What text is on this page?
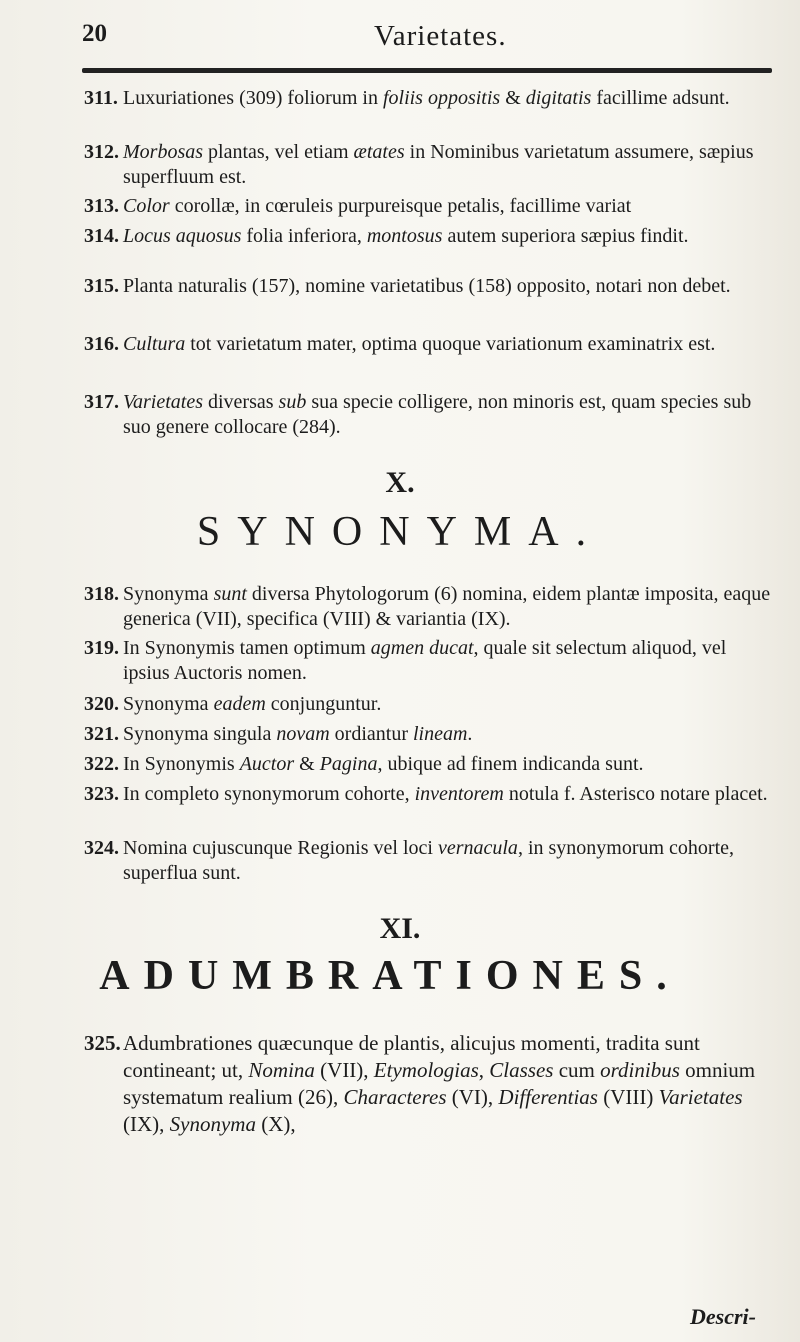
20	Varietates.
311. Luxuriationes (309) foliorum in foliis oppositis & digitatis facillime adsunt.
312. Morbosas plantas, vel etiam ætates in Nominibus varietatum assumere, sæpius superfluum est.
313. Color corollæ, in cœruleis purpureisque petalis, facillime variat
314. Locus aquosus folia inferiora, montosus autem superiora sæpius findit.
315. Planta naturalis (157), nomine varietatibus (158) opposito, notari non debet.
316. Cultura tot varietatum mater, optima quoque variationum examinatrix est.
317. Varietates diversas sub sua specie colligere, non minoris est, quam species sub suo genere collocare (284).
X.
SYNONYMA.
318. Synonyma sunt diversa Phytologorum (6) nomina, eidem plantæ imposita, eaque generica (VII), specifica (VIII) & variantia (IX).
319. In Synonymis tamen optimum agmen ducat, quale sit selectum aliquod, vel ipsius Auctoris nomen.
320. Synonyma eadem conjunguntur.
321. Synonyma singula novam ordiantur lineam.
322. In Synonymis Auctor & Pagina, ubique ad finem indicanda sunt.
323. In completo synonymorum cohorte, inventorem notula f. Asterisco notare placet.
324. Nomina cujuscunque Regionis vel loci vernacula, in synonymorum cohorte, superflua sunt.
XI.
ADUMBRATIONES.
325. Adumbrationes quæcunque de plantis, alicujus momenti, tradita sunt contineant; ut, Nomina (VII), Etymologias, Classes cum ordinibus omnium systematum realium (26), Characteres (VI), Differentias (VIII) Varietates (IX), Synonyma (X),
Descri-
